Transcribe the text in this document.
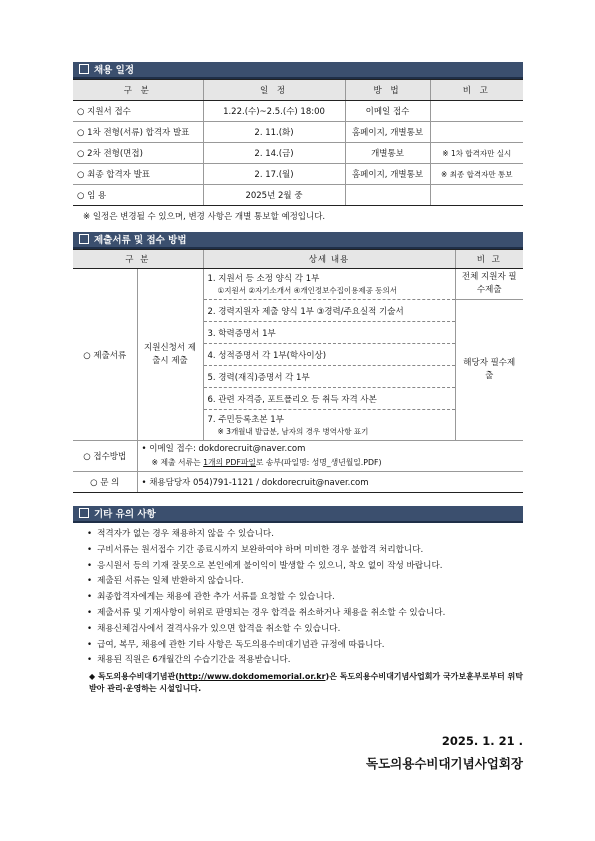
채용 일정
구 분	일 정	방 법	비 고
○ 지원서 접수	1.22.(수)~2.5.(수) 18:00	이메일 접수	
○ 1차 전형(서류) 합격자 발표	2. 11.(화)	홈페이지, 개별통보	
○ 2차 전형(면접)	2. 14.(금)	개별통보	※ 1차 합격자만 실시
○ 최종 합격자 발표	2. 17.(월)	홈페이지, 개별통보	※ 최종 합격자만 통보
○ 임 용	2025년 2월 중		
※ 일정은 변경될 수 있으며, 변경 사항은 개별 통보할 예정입니다.
제출서류 및 접수 방법
구 분		상세 내용	비 고
○ 제출서류	지원신청서 제출시 제출	1. 지원서 등 소정 양식 각 1부
①지원서 ②자기소개서 ④개인정보수집이용제공 동의서	전체 지원자 필수제출
		2. 경력지원자 제출 양식 1부 ③경력/주요실적 기술서	해당자 필수제출
		3. 학력증명서 1부	
		4. 성적증명서 각 1부(학사이상)	
		5. 경력(재직)증명서 각 1부	
		6. 관련 자격증, 포트폴리오 등 취득 자격 사본	
		7. 주민등록초본 1부
※ 3개월내 발급분, 남자의 경우 병역사항 표기	

○ 접수방법	• 이메일 접수: dokdorecruit@naver.com
※ 제출 서류는 1개의 PDF파일로 송부(파일명: 성명_생년월일.PDF)		
○ 문 의	• 채용담당자 054)791-1121 / dokdorecruit@naver.com		
기타 유의 사항
• 적격자가 없는 경우 채용하지 않을 수 있습니다.
• 구비서류는 원서접수 기간 종료시까지 보완하여야 하며 미비한 경우 불합격 처리합니다.
• 응시원서 등의 기재 잘못으로 본인에게 불이익이 발생할 수 있으니, 착오 없이 작성 바랍니다.
• 제출된 서류는 일체 반환하지 않습니다.
• 최종합격자에게는 채용에 관한 추가 서류를 요청할 수 있습니다.
• 제출서류 및 기재사항이 허위로 판명되는 경우 합격을 취소하거나 채용을 취소할 수 있습니다.
• 채용신체검사에서 결격사유가 있으면 합격을 취소할 수 있습니다.
• 급여, 복무, 채용에 관한 기타 사항은 독도의용수비대기념관 규정에 따릅니다.
• 채용된 직원은 6개월간의 수습기간을 적용받습니다.
◆ 독도의용수비대기념관(http://www.dokdomemorial.or.kr)은 독도의용수비대기념사업회가 국가보훈부로부터 위탁받아 관리·운영하는 시설입니다.
2025. 1. 21 .
독도의용수비대기념사업회장
